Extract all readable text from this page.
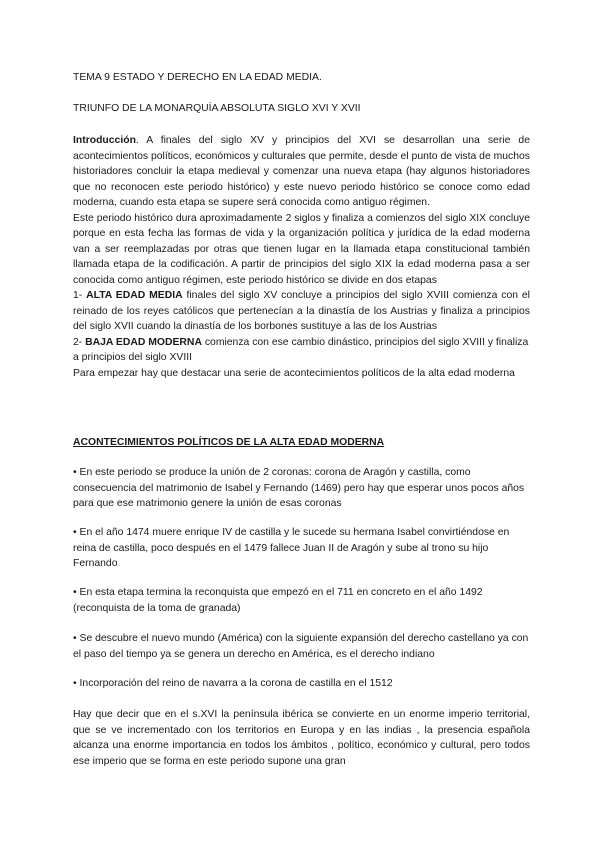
TEMA 9 ESTADO Y DERECHO EN LA EDAD MEDIA.

TRIUNFO DE LA MONARQUÍA ABSOLUTA SIGLO XVI Y XVII

Introducción. A finales del siglo XV y principios del XVI se desarrollan una serie de acontecimientos políticos, económicos y culturales que permite, desde el punto de vista de muchos historiadores concluir la etapa medieval y comenzar una nueva etapa (hay algunos historiadores que no reconocen este periodo histórico) y este nuevo periodo histórico se conoce como edad moderna, cuando esta etapa se supere será conocida como antiguo régimen.

Este periodo histórico dura aproximadamente 2 siglos y finaliza a comienzos del siglo XIX concluye porque en esta fecha las formas de vida y la organización política y jurídica de la edad moderna van a ser reemplazadas por otras que tienen lugar en la llamada etapa constitucional también llamada etapa de la codificación. A partir de principios del siglo XIX la edad moderna pasa a ser conocida como antiguo régimen, este periodo histórico se divide en dos etapas

1- ALTA EDAD MEDIA finales del siglo XV concluye a principios del siglo XVIII comienza con el reinado de los reyes católicos que pertenecían a la dinastía de los Austrias y finaliza a principios del siglo XVII cuando la dinastía de los borbones sustituye a las de los Austrias

2- BAJA EDAD MODERNA comienza con ese cambio dinástico, principios del siglo XVIII y finaliza a principios del siglo XVIII

Para empezar hay que destacar una serie de acontecimientos políticos de la alta edad moderna

ACONTECIMIENTOS POLÍTICOS DE LA ALTA EDAD MODERNA

• En este periodo se produce la unión de 2 coronas: corona de Aragón y castilla, como consecuencia del matrimonio de Isabel y Fernando (1469) pero hay que esperar unos pocos años para que ese matrimonio genere la unión de esas coronas

• En el año 1474 muere enrique IV de castilla y le sucede su hermana Isabel convirtiéndose en reina de castilla, poco después en el 1479 fallece Juan II de Aragón y sube al trono su hijo Fernando

• En esta etapa termina la reconquista que empezó en el 711 en concreto en el año 1492 (reconquista de la toma de granada)

• Se descubre el nuevo mundo (América) con la siguiente expansión del derecho castellano ya con el paso del tiempo ya se genera un derecho en América, es el derecho indiano

• Incorporación del reino de navarra a la corona de castilla en el 1512

Hay que decir que en el s.XVI la península ibérica se convierte en un enorme imperio territorial, que se ve incrementado con los territorios en Europa y en las indias , la presencia española alcanza una enorme importancia en todos los ámbitos , político, económico y cultural, pero todos ese imperio que se forma en este periodo supone una gran
